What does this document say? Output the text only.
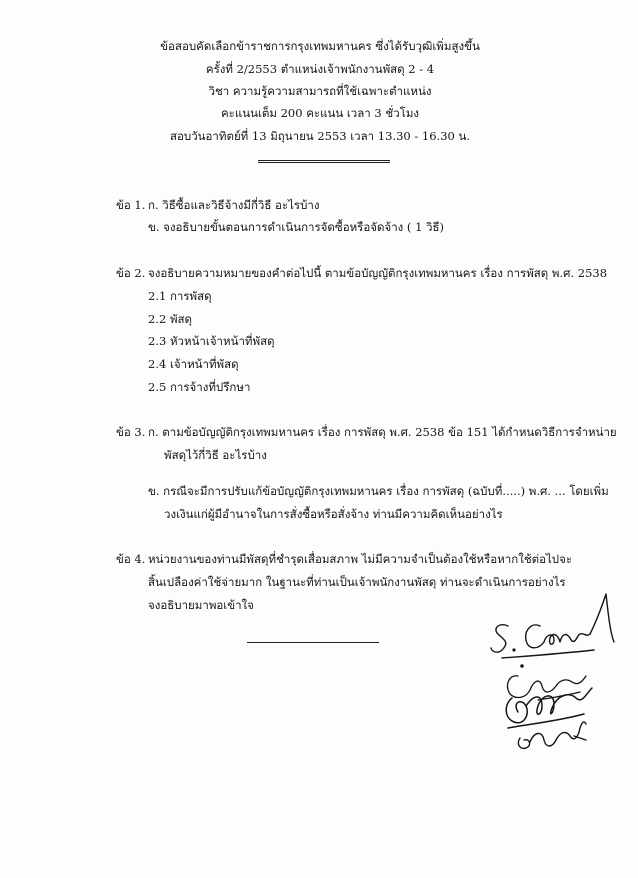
ข้อสอบคัดเลือกข้าราชการกรุงเทพมหานคร ซึ่งได้รับวุฒิเพิ่มสูงขึ้น
ครั้งที่ 2/2553 ตำแหน่งเจ้าพนักงานพัสดุ 2 - 4
วิชา ความรู้ความสามารถที่ใช้เฉพาะตำแหน่ง
คะแนนเต็ม 200 คะแนน เวลา 3 ชั่วโมง
สอบวันอาทิตย์ที่ 13 มิถุนายน 2553 เวลา 13.30 - 16.30 น.
ข้อ 1. ก. วิธีซื้อและวิธีจ้างมีกี่วิธี อะไรบ้าง
ข. จงอธิบายขั้นตอนการดำเนินการจัดซื้อหรือจัดจ้าง ( 1 วิธี)
ข้อ 2. จงอธิบายความหมายของคำต่อไปนี้ ตามข้อบัญญัติกรุงเทพมหานคร เรื่อง การพัสดุ พ.ศ. 2538
2.1 การพัสดุ
2.2 พัสดุ
2.3 หัวหน้าเจ้าหน้าที่พัสดุ
2.4 เจ้าหน้าที่พัสดุ
2.5 การจ้างที่ปรึกษา
ข้อ 3. ก. ตามข้อบัญญัติกรุงเทพมหานคร เรื่อง การพัสดุ พ.ศ. 2538 ข้อ 151 ได้กำหนดวิธีการจำหน่าย
พัสดุไว้กี่วิธี อะไรบ้าง
ข. กรณีจะมีการปรับแก้ข้อบัญญัติกรุงเทพมหานคร เรื่อง การพัสดุ (ฉบับที่.....) พ.ศ. ... โดยเพิ่ม
วงเงินแก่ผู้มีอำนาจในการสั่งซื้อหรือสั่งจ้าง ท่านมีความคิดเห็นอย่างไร
ข้อ 4. หน่วยงานของท่านมีพัสดุที่ชำรุดเสื่อมสภาพ ไม่มีความจำเป็นต้องใช้หรือหากใช้ต่อไปจะ
สิ้นเปลืองค่าใช้จ่ายมาก ในฐานะที่ท่านเป็นเจ้าพนักงานพัสดุ ท่านจะดำเนินการอย่างไร
จงอธิบายมาพอเข้าใจ
